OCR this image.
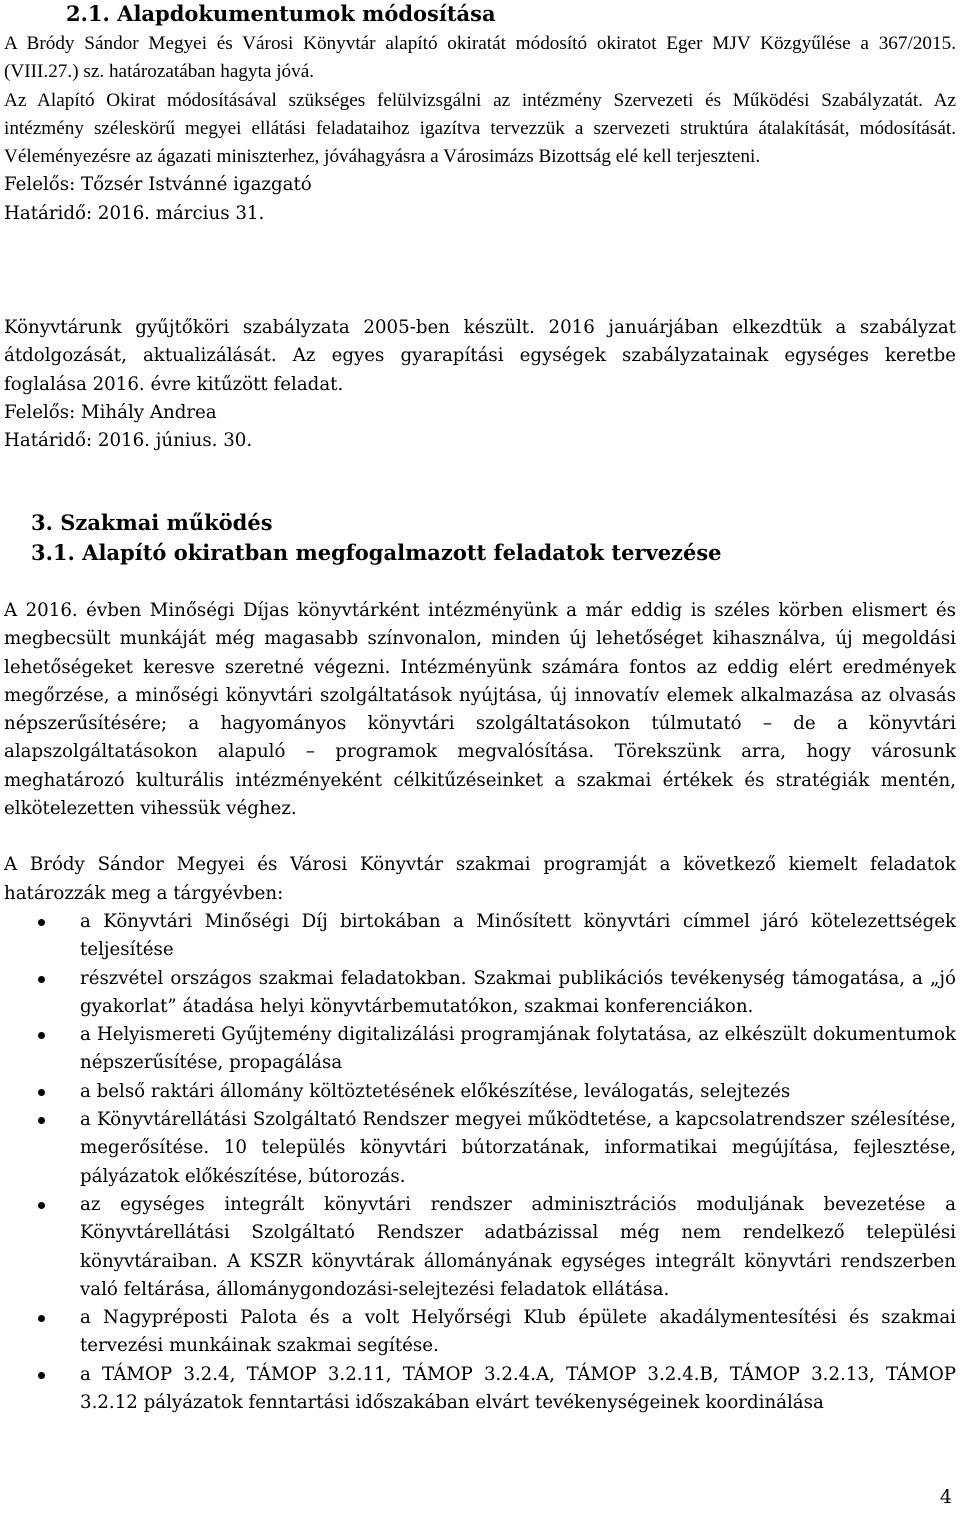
2.1. Alapdokumentumok módosítása

A Bródy Sándor Megyei és Városi Könyvtár alapító okiratát módosító okiratot Eger MJV Közgyűlése a 367/2015. (VIII.27.) sz. határozatában hagyta jóvá.

Az Alapító Okirat módosításával szükséges felülvizsgálni az intézmény Szervezeti és Működési Szabályzatát. Az intézmény széleskörű megyei ellátási feladataihoz igazítva tervezzük a szervezeti struktúra átalakítását, módosítását. Véleményezésre az ágazati miniszterhez, jóváhagyásra a Városimázs Bizottság elé kell terjeszteni.

Felelős: Tőzsér Istvánné igazgató

Határidő: 2016. március 31.

Könyvtárunk gyűjtőköri szabályzata 2005-ben készült. 2016 januárjában elkezdtük a szabályzat átdolgozását, aktualizálását. Az egyes gyarapítási egységek szabályzatainak egységes keretbe foglalása 2016. évre kitűzött feladat.

Felelős: Mihály Andrea

Határidő: 2016. június. 30.

3. Szakmai működés
3.1. Alapító okiratban megfogalmazott feladatok tervezése

A 2016. évben Minőségi Díjas könyvtárként intézményünk a már eddig is széles körben elismert és megbecsült munkáját még magasabb színvonalon, minden új lehetőséget kihasználva, új megoldási lehetőségeket keresve szeretné végezni. Intézményünk számára fontos az eddig elért eredmények megőrzése, a minőségi könyvtári szolgáltatások nyújtása, új innovatív elemek alkalmazása az olvasás népszerűsítésére; a hagyományos könyvtári szolgáltatásokon túlmutató – de a könyvtári alapszolgáltatásokon alapuló – programok megvalósítása. Törekszünk arra, hogy városunk meghatározó kulturális intézményeként célkitűzéseinket a szakmai értékek és stratégiák mentén, elkötelezetten vihessük véghez.

A Bródy Sándor Megyei és Városi Könyvtár szakmai programját a következő kiemelt feladatok határozzák meg a tárgyévben:

a Könyvtári Minőségi Díj birtokában a Minősített könyvtári címmel járó kötelezettségek teljesítése
részvétel országos szakmai feladatokban. Szakmai publikációs tevékenység támogatása, a „jó gyakorlat” átadása helyi könyvtárbemutatókon, szakmai konferenciákon.
a Helyismereti Gyűjtemény digitalizálási programjának folytatása, az elkészült dokumentumok népszerűsítése, propagálása
a belső raktári állomány költöztetésének előkészítése, leválogatás, selejtezés
a Könyvtárellátási Szolgáltató Rendszer megyei működtetése, a kapcsolatrendszer szélesítése, megerősítése. 10 település könyvtári bútorzatának, informatikai megújítása, fejlesztése, pályázatok előkészítése, bútorozás.
az egységes integrált könyvtári rendszer adminisztrációs moduljának bevezetése a Könyvtárellátási Szolgáltató Rendszer adatbázissal még nem rendelkező települési könyvtáraiban. A KSZR könyvtárak állományának egységes integrált könyvtári rendszerben való feltárása, állománygondozási-selejtezési feladatok ellátása.
a Nagypréposti Palota és a volt Helyőrségi Klub épülete akadálymentesítési és szakmai tervezési munkáinak szakmai segítése.
a TÁMOP 3.2.4, TÁMOP 3.2.11, TÁMOP 3.2.4.A, TÁMOP 3.2.4.B, TÁMOP 3.2.13, TÁMOP 3.2.12 pályázatok fenntartási időszakában elvárt tevékenységeinek koordinálása
4
